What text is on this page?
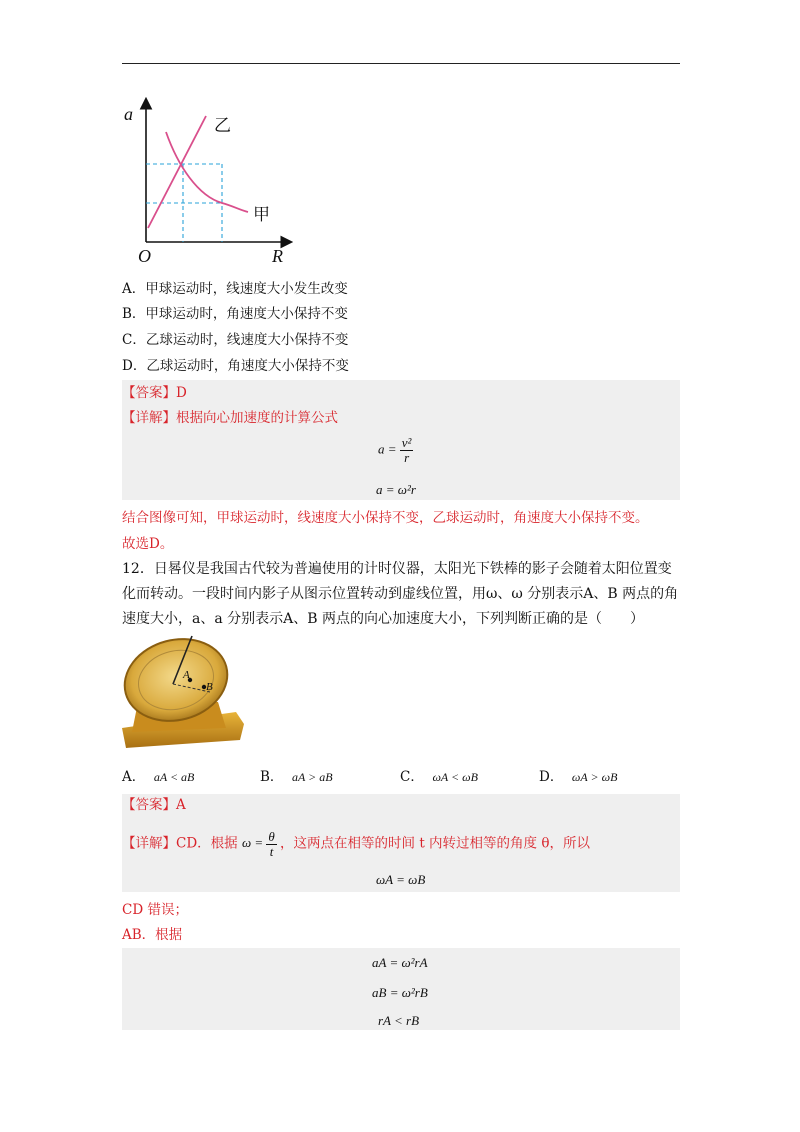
a
R
O
乙
甲
A．甲球运动时，线速度大小发生改变
B．甲球运动时，角速度大小保持不变
C．乙球运动时，线速度大小保持不变
D．乙球运动时，角速度大小保持不变
【答案】D
【详解】根据向心加速度的计算公式
$a = \frac{\text{v²}}{r}$
a = ω²r
结合图像可知，甲球运动时，线速度大小保持不变，乙球运动时，角速度大小保持不变。
故选D。
12．日晷仪是我国古代较为普遍使用的计时仪器，太阳光下铁棒的影子会随着太阳位置变
化而转动。一段时间内影子从图示位置转动到虚线位置，用ω、ω 分别表示A、B 两点的角
速度大小，a、a 分别表示A、B 两点的向心加速度大小，下列判断正确的是（　　）
A
B
A． aA < aB	B． aA > aB	C． ωA < ωB	D． ωA > ωB
【答案】A
【详解】CD．根据 $\omega = \frac{\theta}{t}$ ，这两点在相等的时间 t 内转过相等的角度 θ，所以
ωA = ωB
CD 错误；
AB．根据
aA = ω²rA
aB = ω²rB
rA < rB
